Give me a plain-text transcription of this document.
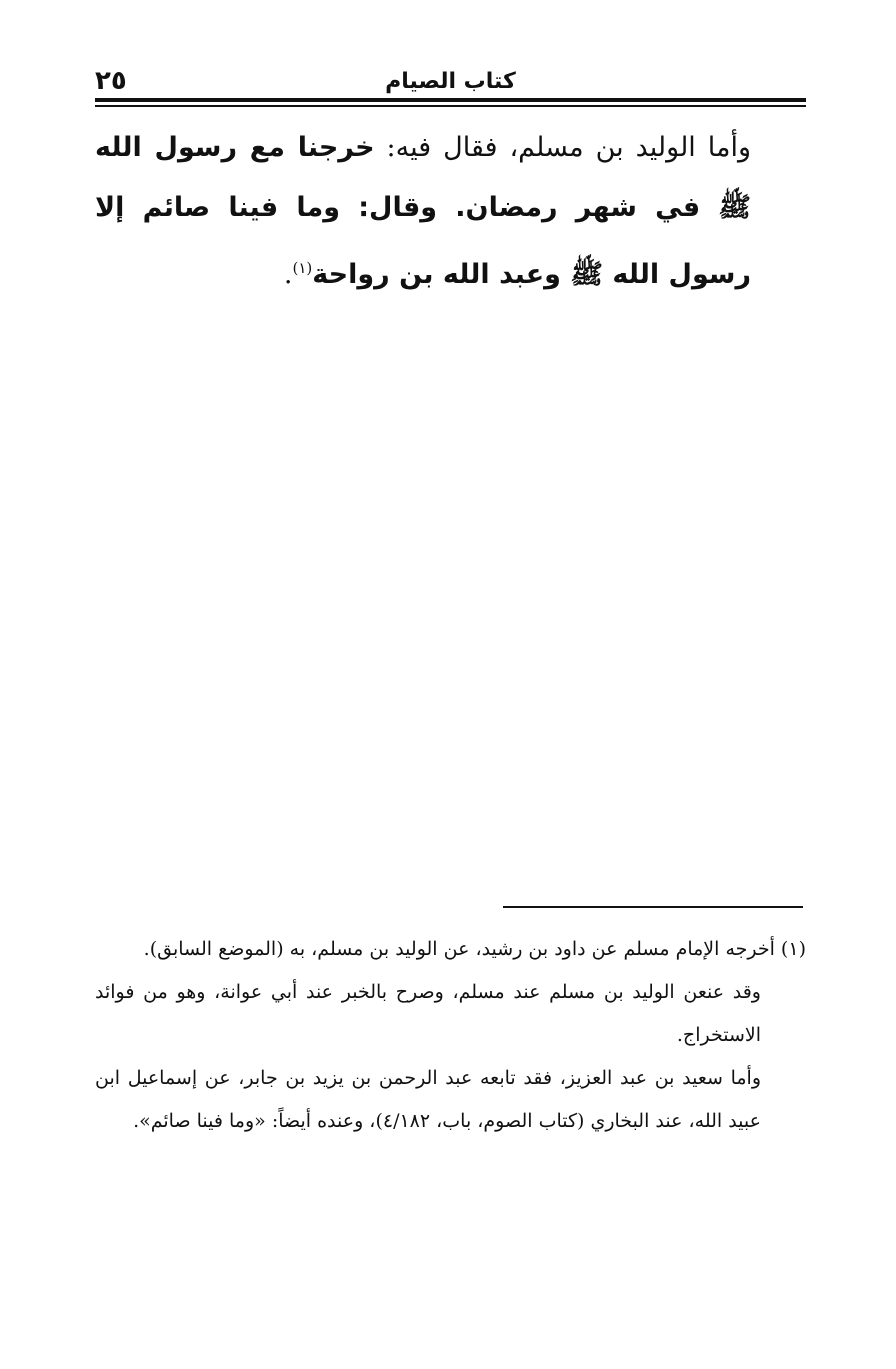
٢٥	كتاب الصيام

وأما الوليد بن مسلم، فقال فيه: خرجنا مع رسول الله ﷺ في شهر رمضان. وقال: وما فينا صائم إلا رسول الله ﷺ وعبد الله بن رواحة$^{(١)}$.

(١) أخرجه الإمام مسلم عن داود بن رشيد، عن الوليد بن مسلم، به (الموضع السابق).

وقد عنعن الوليد بن مسلم عند مسلم، وصرح بالخبر عند أبي عوانة، وهو من فوائد الاستخراج.

وأما سعيد بن عبد العزيز، فقد تابعه عبد الرحمن بن يزيد بن جابر، عن إسماعيل ابن عبيد الله، عند البخاري (كتاب الصوم، باب، ٤/١٨٢)، وعنده أيضاً: «وما فينا صائم».
